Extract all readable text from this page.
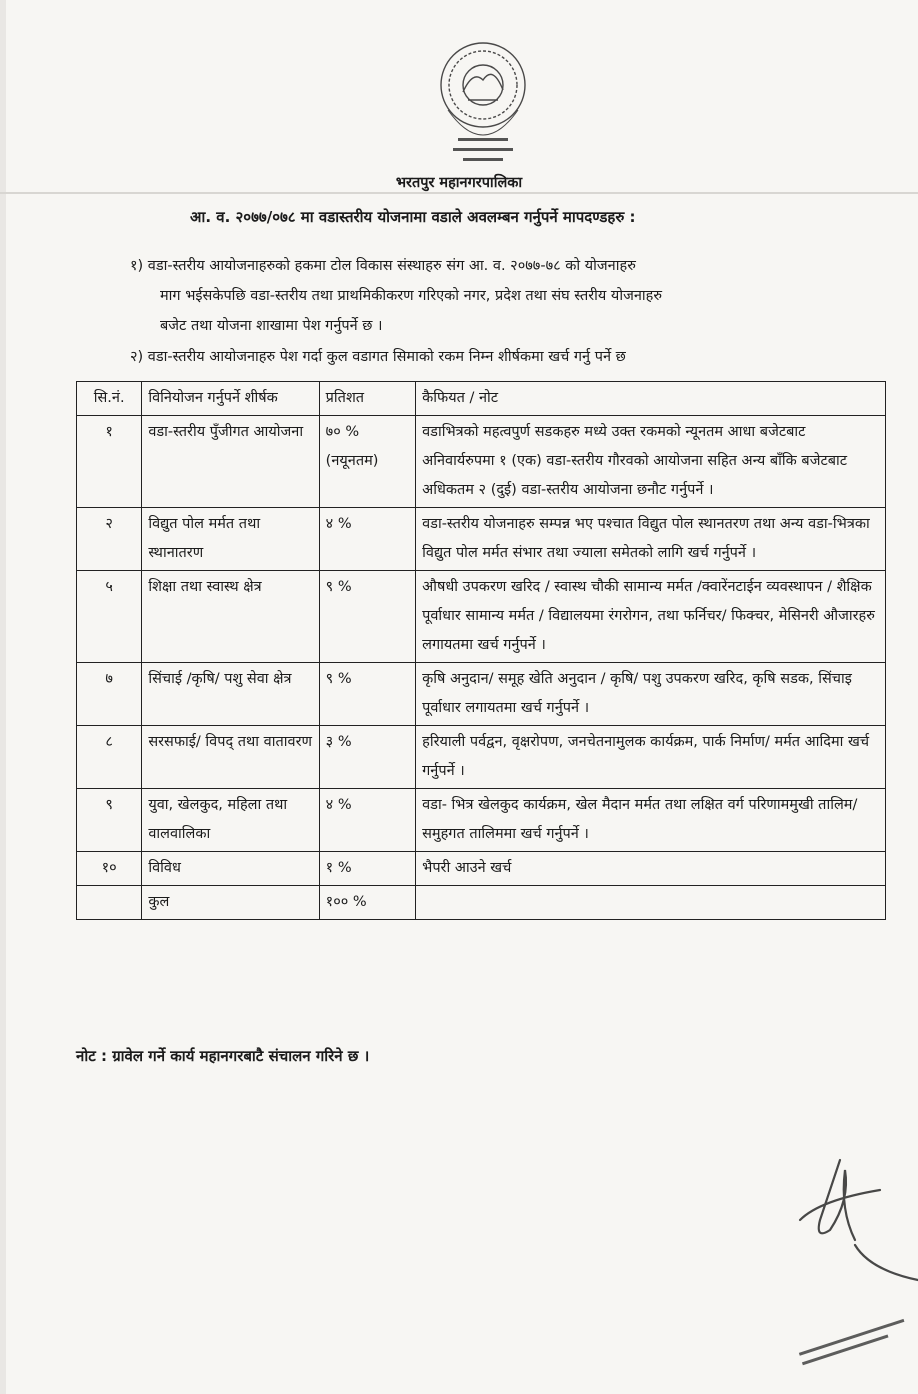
भरतपुर महानगरपालिका
आ. व. २०७७/०७८ मा वडास्तरीय योजनामा वडाले अवलम्बन गर्नुपर्ने मापदण्डहरु :
१) वडा-स्तरीय आयोजनाहरुको हकमा टोल विकास संस्थाहरु संग आ. व. २०७७-७८ को योजनाहरु
माग भईसकेपछि वडा-स्तरीय तथा प्राथमिकीकरण गरिएको नगर, प्रदेश तथा संघ स्तरीय योजनाहरु
बजेट तथा योजना शाखामा पेश गर्नुपर्ने छ ।
२) वडा-स्तरीय आयोजनाहरु पेश गर्दा कुल वडागत सिमाको रकम निम्न शीर्षकमा खर्च गर्नु पर्ने छ
सि.नं.	विनियोजन गर्नुपर्ने शीर्षक	प्रतिशत	कैफियत / नोट
१	वडा-स्तरीय पुँजीगत आयोजना	७० % (नयूनतम)	वडाभित्रको महत्वपुर्ण सडकहरु मध्ये उक्त रकमको न्यूनतम आधा बजेटबाट अनिवार्यरुपमा १ (एक) वडा-स्तरीय गौरवको आयोजना सहित अन्य बाँकि बजेटबाट अधिकतम २ (दुई) वडा-स्तरीय आयोजना छनौट गर्नुपर्ने ।
२	विद्युत पोल मर्मत तथा स्थानातरण	४ %	वडा-स्तरीय योजनाहरु सम्पन्न भए पश्चात विद्युत पोल स्थानतरण तथा अन्य वडा-भित्रका विद्युत पोल मर्मत संभार तथा ज्याला समेतको लागि खर्च गर्नुपर्ने ।
५	शिक्षा तथा स्वास्थ क्षेत्र	९ %	औषधी उपकरण खरिद / स्वास्थ चौकी सामान्य मर्मत /क्वारेंनटाईन व्यवस्थापन / शैक्षिक पूर्वाधार सामान्य मर्मत / विद्यालयमा रंगरोगन, तथा फर्निचर/ फिक्चर, मेसिनरी औजारहरु लगायतमा खर्च गर्नुपर्ने ।
७	सिंचाई /कृषि/ पशु सेवा क्षेत्र	९ %	कृषि अनुदान/ समूह खेति अनुदान / कृषि/ पशु उपकरण खरिद, कृषि सडक, सिंचाइ पूर्वाधार लगायतमा खर्च गर्नुपर्ने ।
८	सरसफाई/ विपद् तथा वातावरण	३ %	हरियाली पर्वद्वन, वृक्षरोपण, जनचेतनामुलक कार्यक्रम, पार्क निर्माण/ मर्मत आदिमा खर्च गर्नुपर्ने ।
९	युवा, खेलकुद, महिला तथा वालवालिका	४ %	वडा- भित्र खेलकुद कार्यक्रम, खेल मैदान मर्मत तथा लक्षित वर्ग परिणाममुखी तालिम/ समुहगत तालिममा खर्च गर्नुपर्ने ।
१०	विविध	१ %	भैपरी आउने खर्च
	कुल	१०० %	
नोट : ग्रावेल गर्ने कार्य महानगरबाटै संचालन गरिने छ ।
